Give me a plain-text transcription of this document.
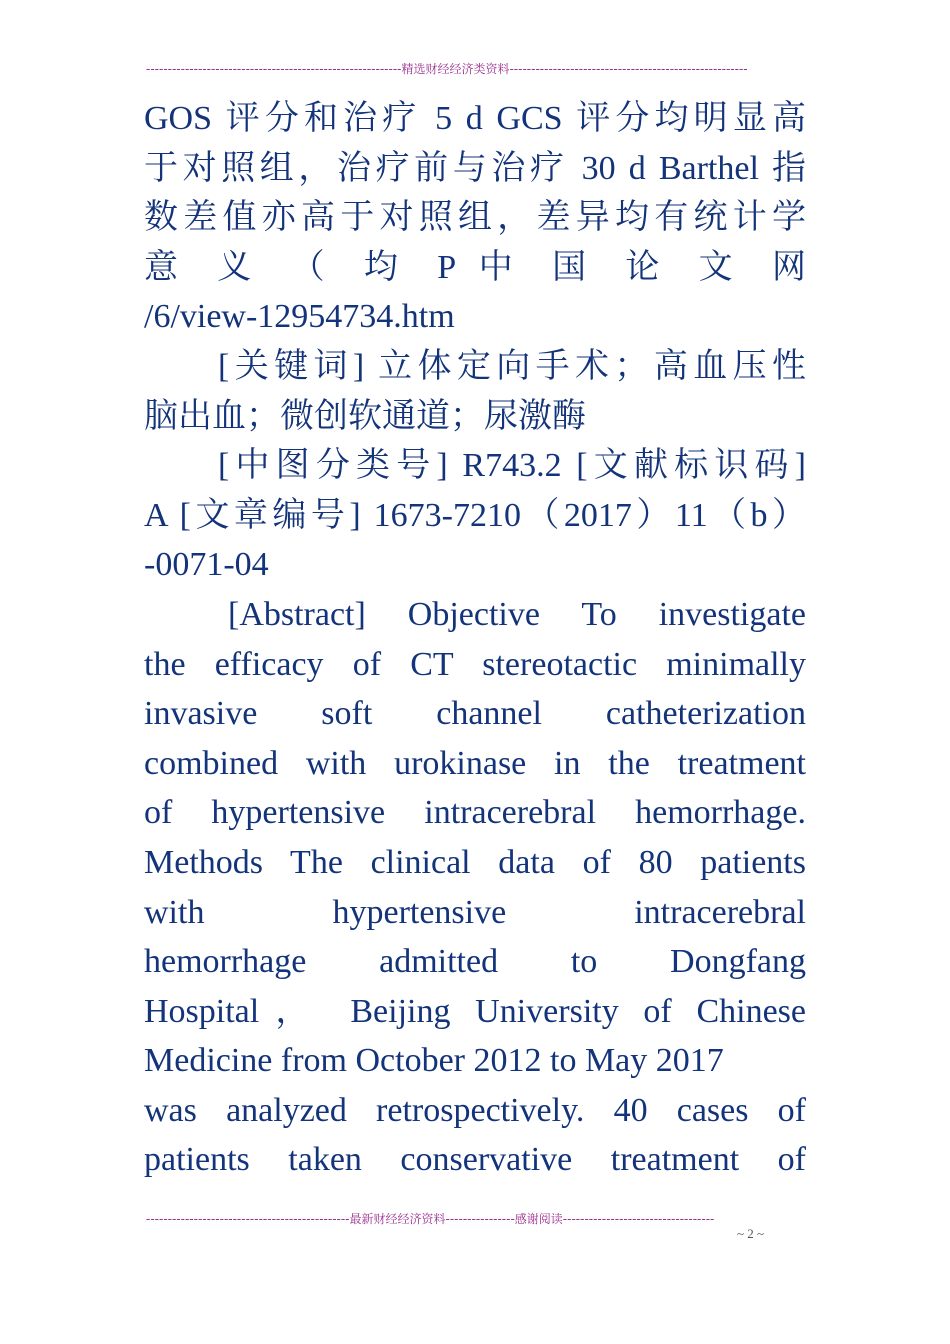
-----------------------------------------------------------精选财经经济类资料-------------------------------------------------------
GOS 评分和治疗 5 d GCS 评分均明显高
于对照组，治疗前与治疗 30 d Barthel 指
数差值亦高于对照组，差异均有统计学
意 义 （ 均 P 中 国 论 文 网
/6/view-12954734.htm
[关键词] 立体定向手术；高血压性
脑出血；微创软通道；尿激酶
[中图分类号] R743.2 [文献标识码]
A [文章编号] 1673-7210（2017）11（b）
-0071-04
[Abstract] Objective To investigate
the efficacy of CT stereotactic minimally
invasive soft channel catheterization
combined with urokinase in the treatment
of hypertensive intracerebral hemorrhage.
Methods The clinical data of 80 patients
with hypertensive intracerebral
hemorrhage admitted to Dongfang
Hospital， Beijing University of Chinese
Medicine from October 2012 to May 2017
was analyzed retrospectively. 40 cases of
patients taken conservative treatment of
-----------------------------------------------最新财经经济资料----------------感谢阅读-----------------------------------
~ 2 ~
